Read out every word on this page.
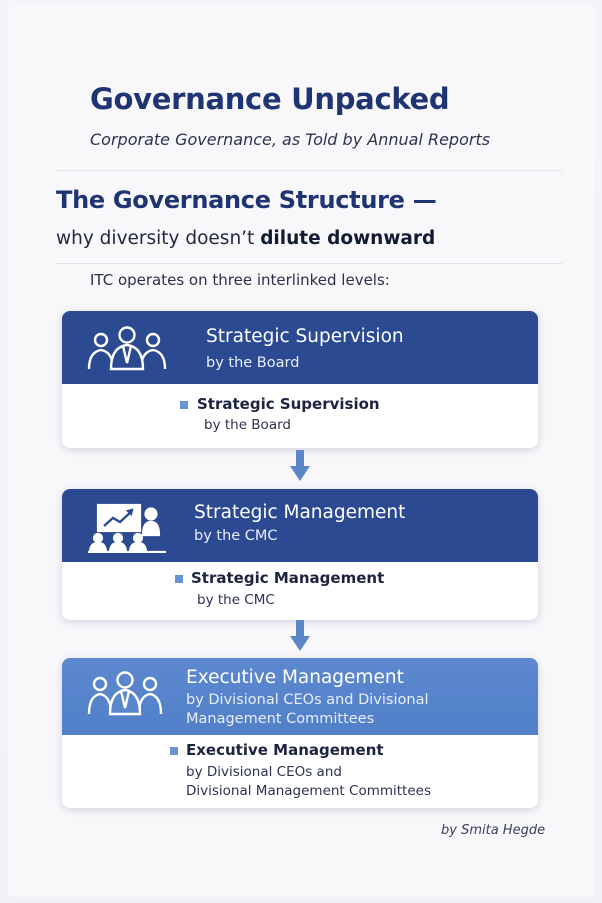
Governance Unpacked
Corporate Governance, as Told by Annual Reports
The Governance Structure —
why diversity doesn’t dilute downward
ITC operates on three interlinked levels:
Strategic Supervision
by the Board
Strategic Supervision
by the Board
Strategic Management
by the CMC
Strategic Management
by the CMC
Executive Management
by Divisional CEOs and Divisional
Management Committees
Executive Management
by Divisional CEOs and
Divisional Management Committees
by Smita Hegde
